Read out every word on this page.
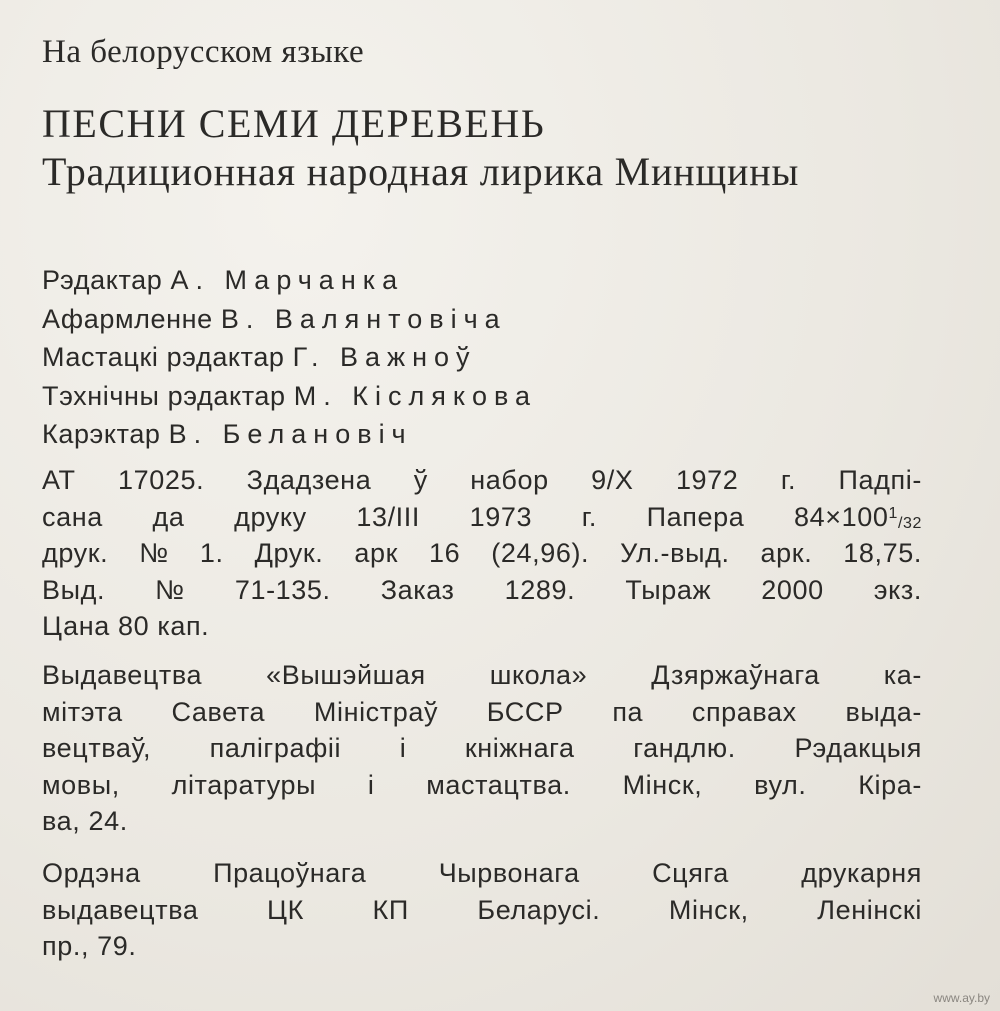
На белорусском языке
ПЕСНИ СЕМИ ДЕРЕВЕНЬ
Традиционная народная лирика Минщины
Рэдактар А. Марчанка
Афармленне В. Валянтовіча
Мастацкі рэдактар Г. Важноў
Тэхнічны рэдактар М. Кіслякова
Карэктар В. Белановіч
АТ 17025. Здадзена ў набор 9/Х 1972 г. Падпі-
сана да друку 13/III 1973 г. Папера $84\times 100^1/32$
друк. № 1. Друк. арк 16 (24,96). Ул.-выд. арк. 18,75.
Выд. № 71-135. Заказ 1289. Тыраж 2000 экз.
Цана 80 кап.
Выдавецтва «Вышэйшая школа» Дзяржаўнага ка-
мітэта Савета Міністраў БССР па справах выда-
вецтваў, паліграфіі і кніжнага гандлю. Рэдакцыя
мовы, літаратуры і мастацтва. Мінск, вул. Кіра-
ва, 24.
Ордэна	Працоўнага	Чырвонага	Сцяга	друкарня
выдавецтва	ЦК	КП	Беларусі.	Мінск,	Ленінскі
пр., 79.
www.ay.by
